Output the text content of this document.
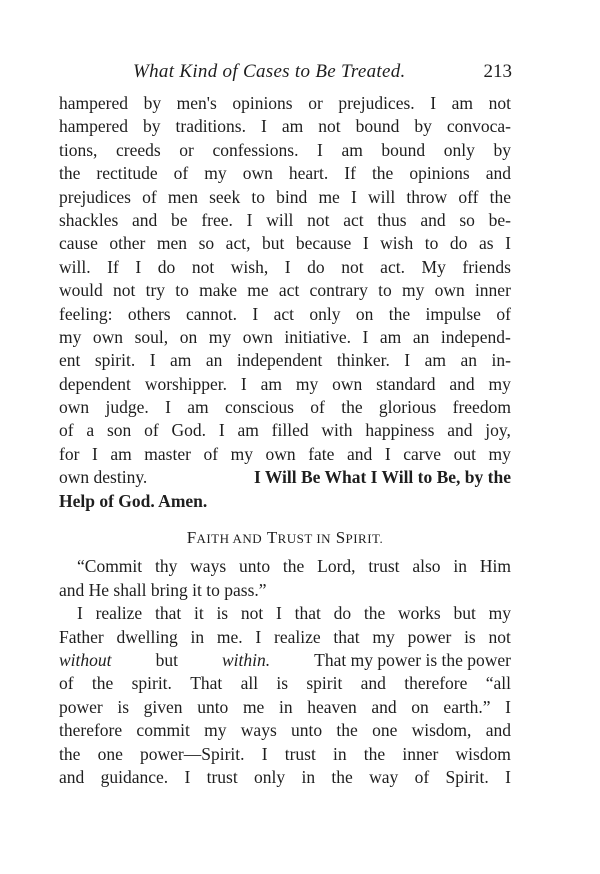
What Kind of Cases to Be Treated.	213
hampered by men's opinions or prejudices. I am not
hampered by traditions. I am not bound by convoca-
tions, creeds or confessions. I am bound only by
the rectitude of my own heart. If the opinions and
prejudices of men seek to bind me I will throw off the
shackles and be free. I will not act thus and so be-
cause other men so act, but because I wish to do as I
will. If I do not wish, I do not act. My friends
would not try to make me act contrary to my own inner
feeling: others cannot. I act only on the impulse of
my own soul, on my own initiative. I am an independ-
ent spirit. I am an independent thinker. I am an in-
dependent worshipper. I am my own standard and my
own judge. I am conscious of the glorious freedom
of a son of God. I am filled with happiness and joy,
for I am master of my own fate and I carve out my
own destiny.	I Will Be What I Will to Be, by the
Help of God. Amen.
FAITH AND TRUST IN SPIRIT.
“Commit thy ways unto the Lord, trust also in Him
and He shall bring it to pass.”
I realize that it is not I that do the works but my
Father dwelling in me. I realize that my power is not
without	but	within.	That my power is the power
of the spirit. That all is spirit and therefore “all
power is given unto me in heaven and on earth.” I
therefore commit my ways unto the one wisdom, and
the one power—Spirit. I trust in the inner wisdom
and guidance. I trust only in the way of Spirit. I
